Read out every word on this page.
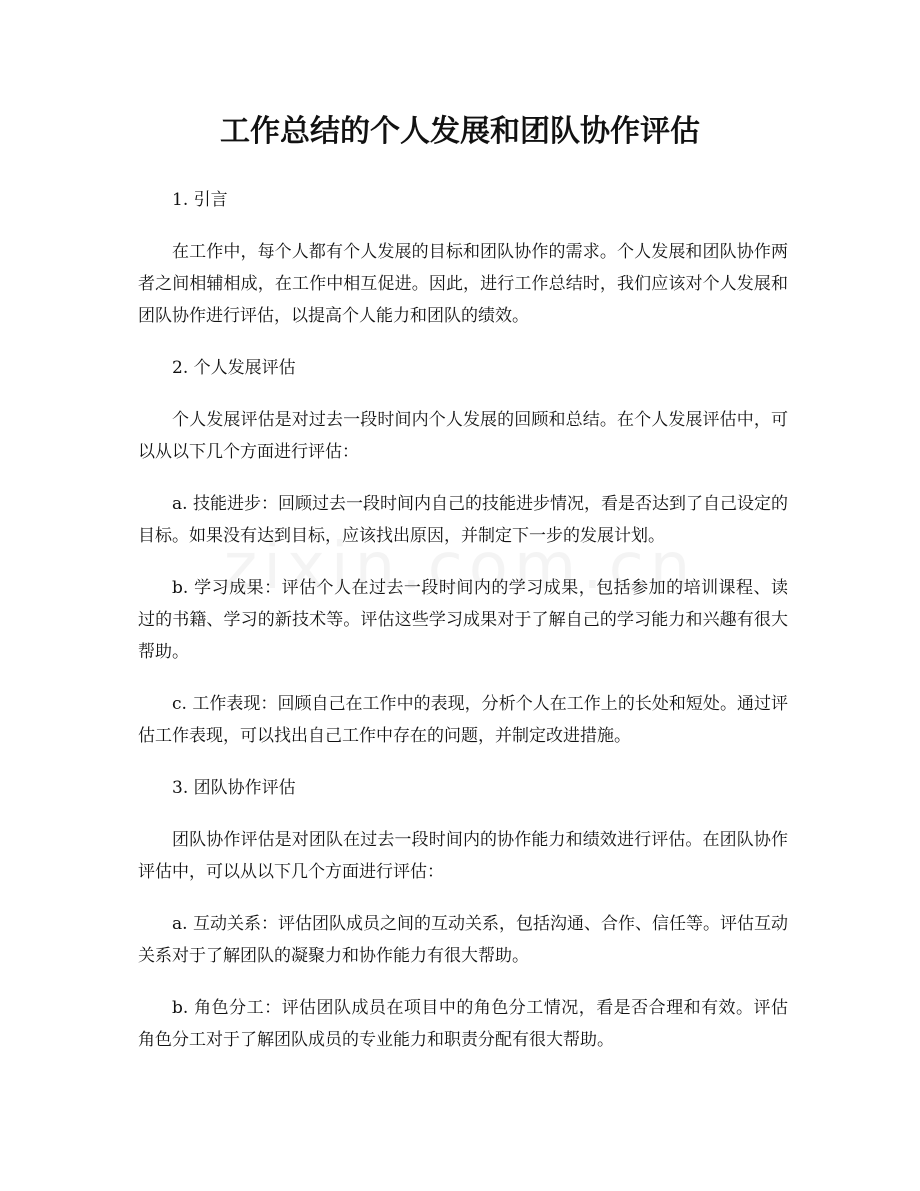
工作总结的个人发展和团队协作评估

1. 引言

在工作中，每个人都有个人发展的目标和团队协作的需求。个人发展和团队协作两者之间相辅相成，在工作中相互促进。因此，进行工作总结时，我们应该对个人发展和团队协作进行评估，以提高个人能力和团队的绩效。

2. 个人发展评估

个人发展评估是对过去一段时间内个人发展的回顾和总结。在个人发展评估中，可以从以下几个方面进行评估：

a. 技能进步：回顾过去一段时间内自己的技能进步情况，看是否达到了自己设定的目标。如果没有达到目标，应该找出原因，并制定下一步的发展计划。

b. 学习成果：评估个人在过去一段时间内的学习成果，包括参加的培训课程、读过的书籍、学习的新技术等。评估这些学习成果对于了解自己的学习能力和兴趣有很大帮助。

c. 工作表现：回顾自己在工作中的表现，分析个人在工作上的长处和短处。通过评估工作表现，可以找出自己工作中存在的问题，并制定改进措施。

3. 团队协作评估

团队协作评估是对团队在过去一段时间内的协作能力和绩效进行评估。在团队协作评估中，可以从以下几个方面进行评估：

a. 互动关系：评估团队成员之间的互动关系，包括沟通、合作、信任等。评估互动关系对于了解团队的凝聚力和协作能力有很大帮助。

b. 角色分工：评估团队成员在项目中的角色分工情况，看是否合理和有效。评估角色分工对于了解团队成员的专业能力和职责分配有很大帮助。
